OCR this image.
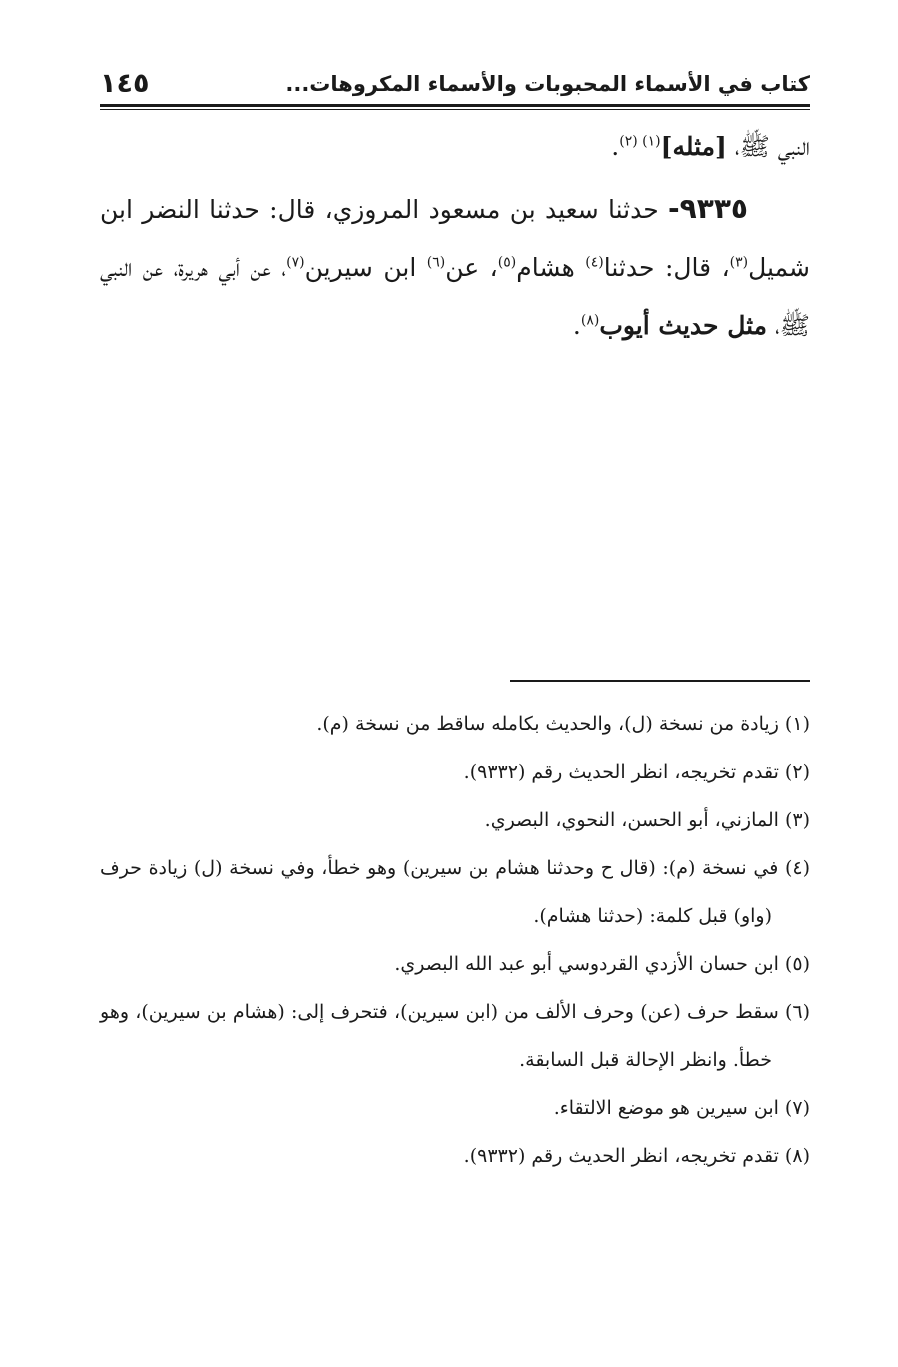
كتاب في الأسماء المحبوبات والأسماء المكروهات...
١٤٥

النبي ﷺ، [مثله]$^{(١) (٢)}$.

٩٣٣٥- حدثنا سعيد بن مسعود المروزي، قال: حدثنا النضر ابن شميل$^{(٣)}$، قال: حدثنا$^{(٤)}$ هشام$^{(٥)}$، عن$^{(٦)}$ ابن سيرين$^{(٧)}$، عن أبي هريرة، عن النبي ﷺ، مثل حديث أيوب$^{(٨)}$.

(١) زيادة من نسخة (ل)، والحديث بكامله ساقط من نسخة (م).

(٢) تقدم تخريجه، انظر الحديث رقم (٩٣٣٢).

(٣) المازني، أبو الحسن، النحوي، البصري.

(٤) في نسخة (م): (قال ح وحدثنا هشام بن سيرين) وهو خطأ، وفي نسخة (ل) زيادة حرف (واو) قبل كلمة: (حدثنا هشام).

(٥) ابن حسان الأزدي القردوسي أبو عبد الله البصري.

(٦) سقط حرف (عن) وحرف الألف من (ابن سيرين)، فتحرف إلى: (هشام بن سيرين)، وهو خطأ. وانظر الإحالة قبل السابقة.

(٧) ابن سيرين هو موضع الالتقاء.

(٨) تقدم تخريجه، انظر الحديث رقم (٩٣٣٢).
